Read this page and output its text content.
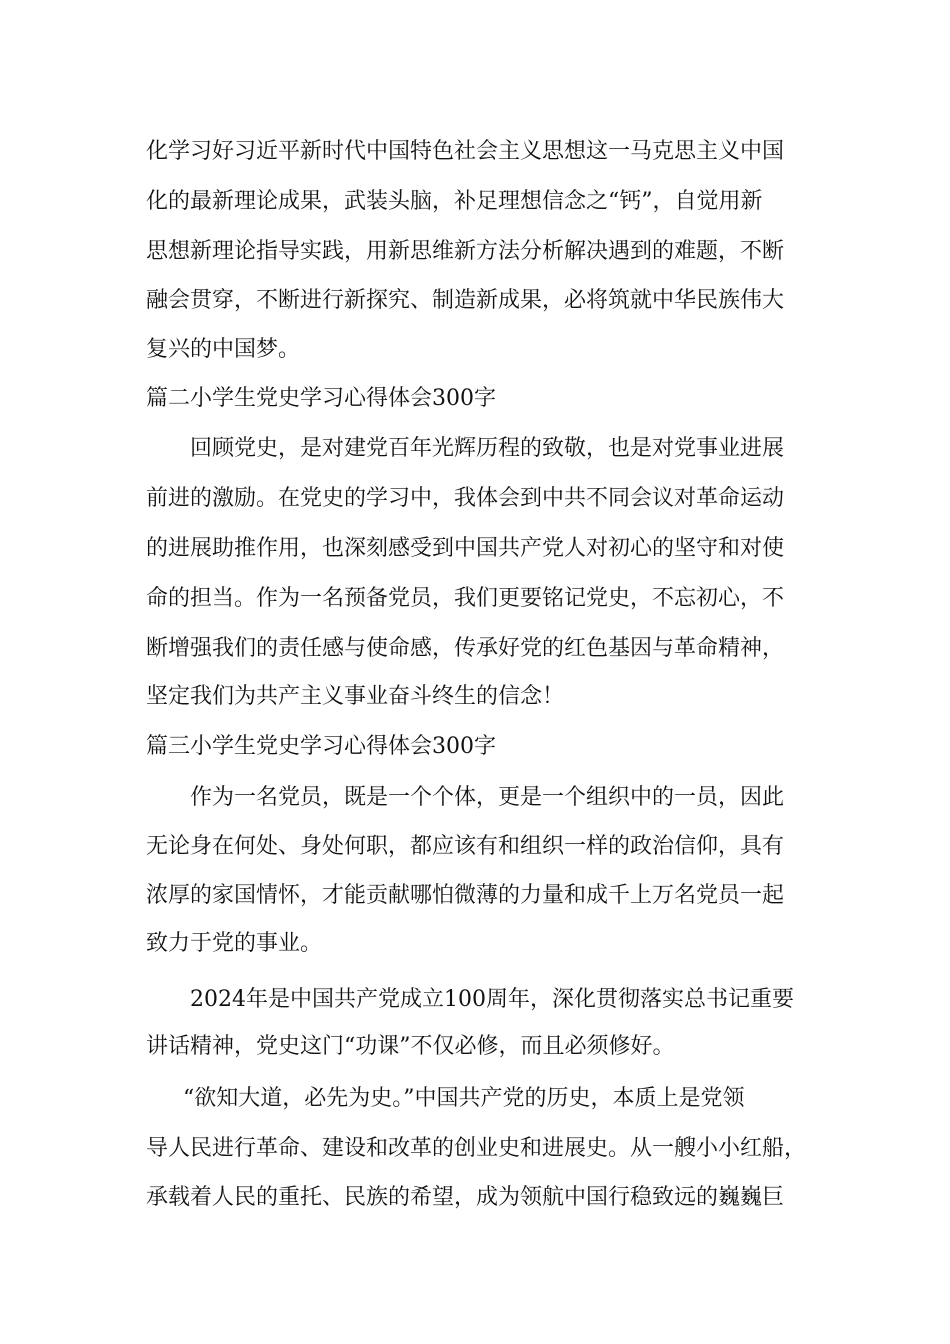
化学习好习近平新时代中国特色社会主义思想这一马克思主义中国
化的最新理论成果，武装头脑，补足理想信念之“钙”，自觉用新
思想新理论指导实践，用新思维新方法分析解决遇到的难题，不断
融会贯穿，不断进行新探究、制造新成果，必将筑就中华民族伟大
复兴的中国梦。
篇二小学生党史学习心得体会300字
回顾党史，是对建党百年光辉历程的致敬，也是对党事业进展
前进的激励。在党史的学习中，我体会到中共不同会议对革命运动
的进展助推作用，也深刻感受到中国共产党人对初心的坚守和对使
命的担当。作为一名预备党员，我们更要铭记党史，不忘初心，不
断增强我们的责任感与使命感，传承好党的红色基因与革命精神，
坚定我们为共产主义事业奋斗终生的信念！
篇三小学生党史学习心得体会300字
作为一名党员，既是一个个体，更是一个组织中的一员，因此
无论身在何处、身处何职，都应该有和组织一样的政治信仰，具有
浓厚的家国情怀，才能贡献哪怕微薄的力量和成千上万名党员一起
致力于党的事业。
2024年是中国共产党成立100周年，深化贯彻落实总书记重要
讲话精神，党史这门“功课”不仅必修，而且必须修好。
“欲知大道，必先为史。”中国共产党的历史，本质上是党领
导人民进行革命、建设和改革的创业史和进展史。从一艘小小红船，
承载着人民的重托、民族的希望，成为领航中国行稳致远的巍巍巨
